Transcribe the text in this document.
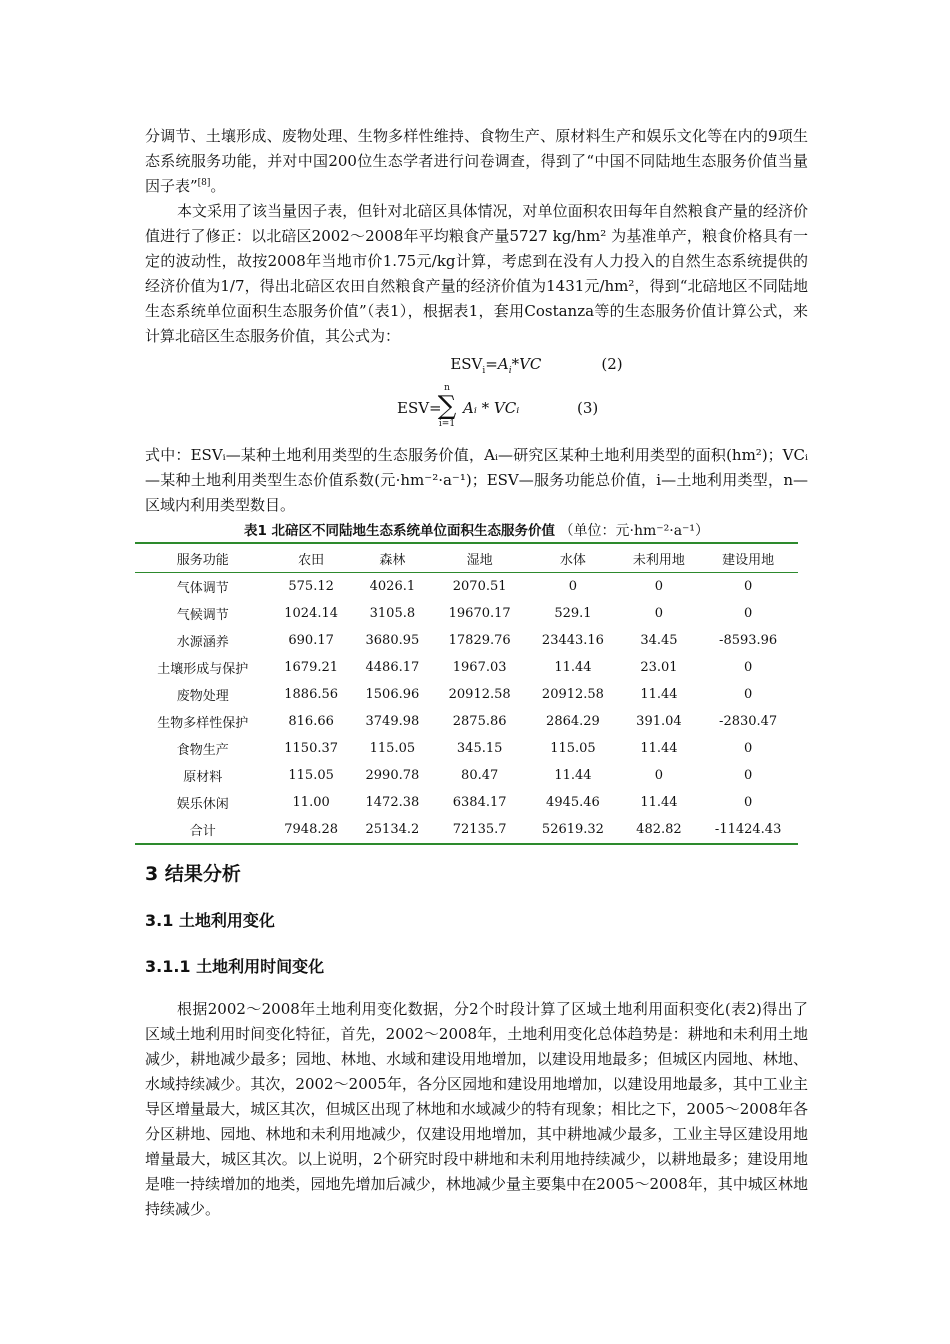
分调节、土壤形成、废物处理、生物多样性维持、食物生产、原材料生产和娱乐文化等在内的9项生态系统服务功能，并对中国200位生态学者进行问卷调查，得到了“中国不同陆地生态服务价值当量因子表”[8]。

本文采用了该当量因子表，但针对北碚区具体情况，对单位面积农田每年自然粮食产量的经济价值进行了修正：以北碚区2002～2008年平均粮食产量5727 kg/hm² 为基准单产，粮食价格具有一定的波动性，故按2008年当地市价1.75元/kg计算，考虑到在没有人力投入的自然生态系统提供的经济价值为1/7，得出北碚区农田自然粮食产量的经济价值为1431元/hm²，得到“北碚地区不同陆地生态系统单位面积生态服务价值”（表1），根据表1，套用Costanza等的生态服务价值计算公式，来计算北碚区生态服务价值，其公式为：

$ESV_i=A_i*VC$	(2)
ESV=
n
∑
i=1
Aᵢ * VCᵢ	(3)

式中：ESVᵢ—某种土地利用类型的生态服务价值，Aᵢ—研究区某种土地利用类型的面积(hm²)；VCᵢ—某种土地利用类型生态价值系数(元·hm⁻²·a⁻¹)；ESV—服务功能总价值，i—土地利用类型，n—区域内利用类型数目。

表1 北碚区不同陆地生态系统单位面积生态服务价值 （单位：元·hm⁻²·a⁻¹）
服务功能	农田	森林	湿地	水体	未利用地	建设用地
气体调节	575.12	4026.1	2070.51	0	0	0
气候调节	1024.14	3105.8	19670.17	529.1	0	0
水源涵养	690.17	3680.95	17829.76	23443.16	34.45	-8593.96
土壤形成与保护	1679.21	4486.17	1967.03	11.44	23.01	0
废物处理	1886.56	1506.96	20912.58	20912.58	11.44	0
生物多样性保护	816.66	3749.98	2875.86	2864.29	391.04	-2830.47
食物生产	1150.37	115.05	345.15	115.05	11.44	0
原材料	115.05	2990.78	80.47	11.44	0	0
娱乐休闲	11.00	1472.38	6384.17	4945.46	11.44	0
合计	7948.28	25134.2	72135.7	52619.32	482.82	-11424.43
3 结果分析
3.1 土地利用变化
3.1.1 土地利用时间变化

根据2002～2008年土地利用变化数据，分2个时段计算了区域土地利用面积变化(表2)得出了区域土地利用时间变化特征，首先，2002～2008年，土地利用变化总体趋势是：耕地和未利用土地减少，耕地减少最多；园地、林地、水域和建设用地增加，以建设用地最多；但城区内园地、林地、水域持续减少。其次，2002～2005年，各分区园地和建设用地增加，以建设用地最多，其中工业主导区增量最大，城区其次，但城区出现了林地和水域减少的特有现象；相比之下，2005～2008年各分区耕地、园地、林地和未利用地减少，仅建设用地增加，其中耕地减少最多，工业主导区建设用地增量最大，城区其次。以上说明，2个研究时段中耕地和未利用地持续减少，以耕地最多；建设用地是唯一持续增加的地类，园地先增加后减少，林地减少量主要集中在2005～2008年，其中城区林地持续减少。
